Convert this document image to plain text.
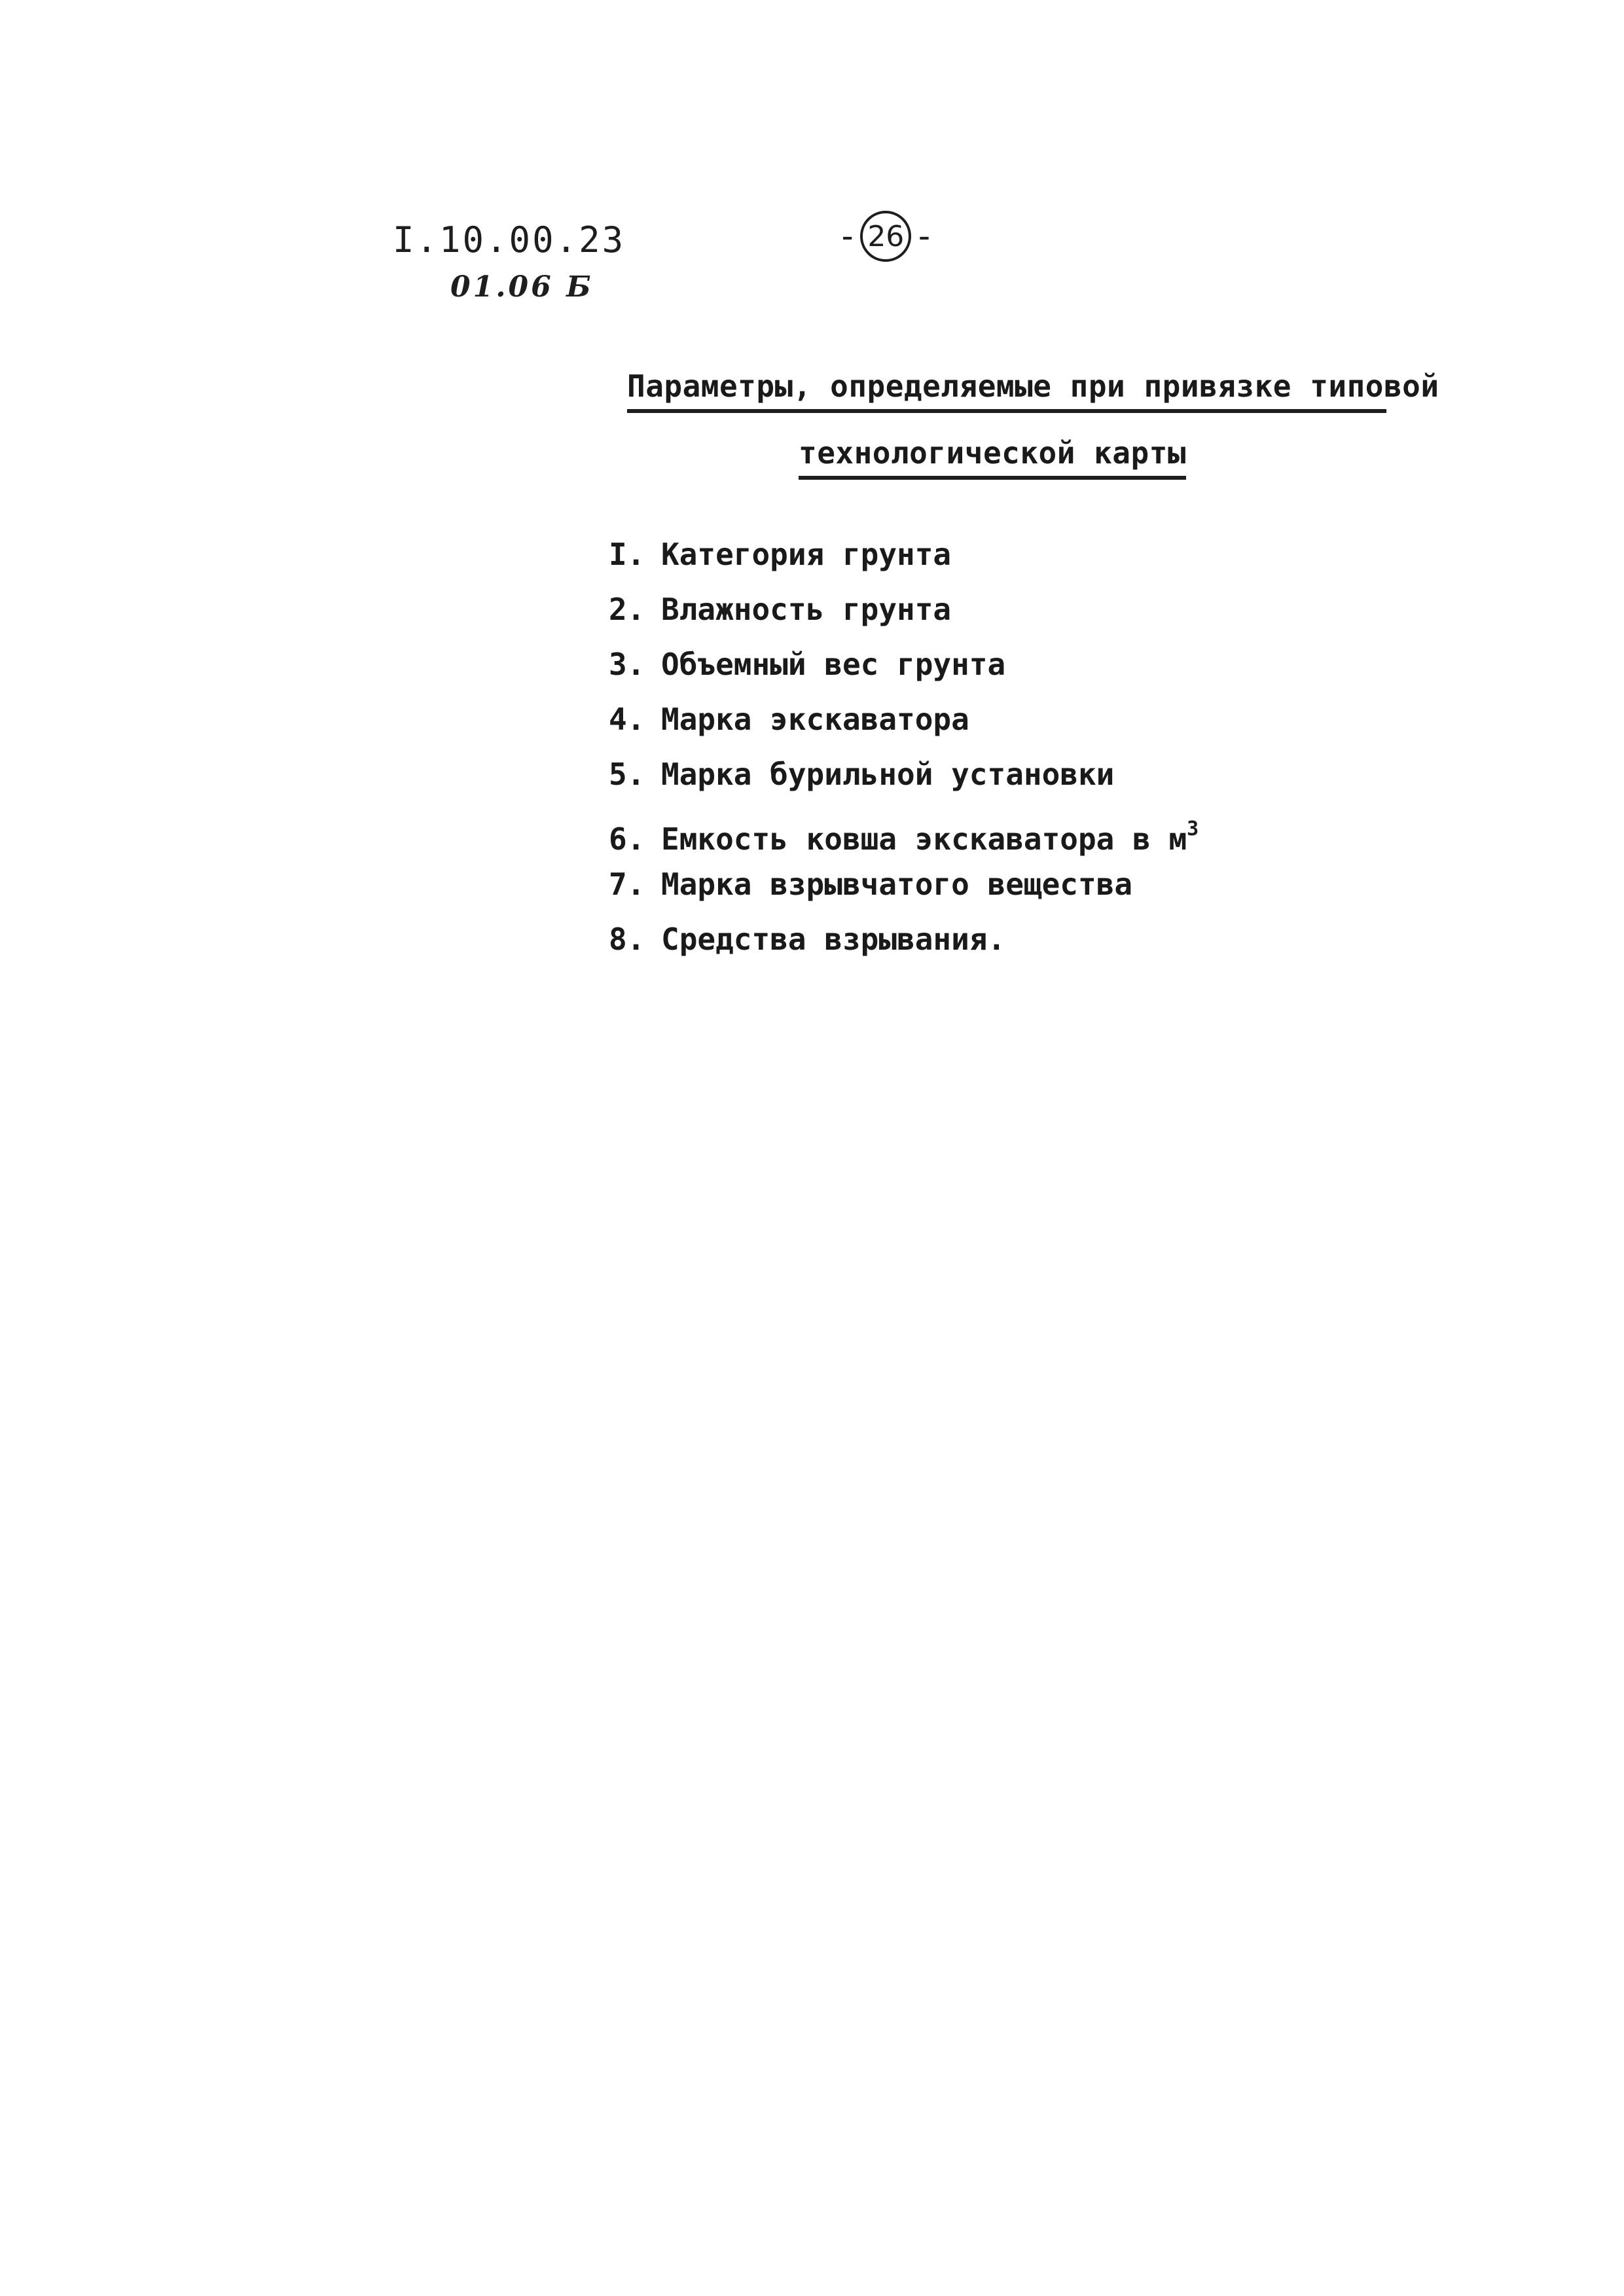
I.10.00.23
01.06 Б
- 26 -
Параметры, определяемые при привязке типовой
технологической карты
I. Категория грунта
2. Влажность грунта
3. Объемный вес грунта
4. Марка экскаватора
5. Марка бурильной установки
6. Емкость ковша экскаватора в $м^3$
7. Марка взрывчатого вещества
8. Средства взрывания.
